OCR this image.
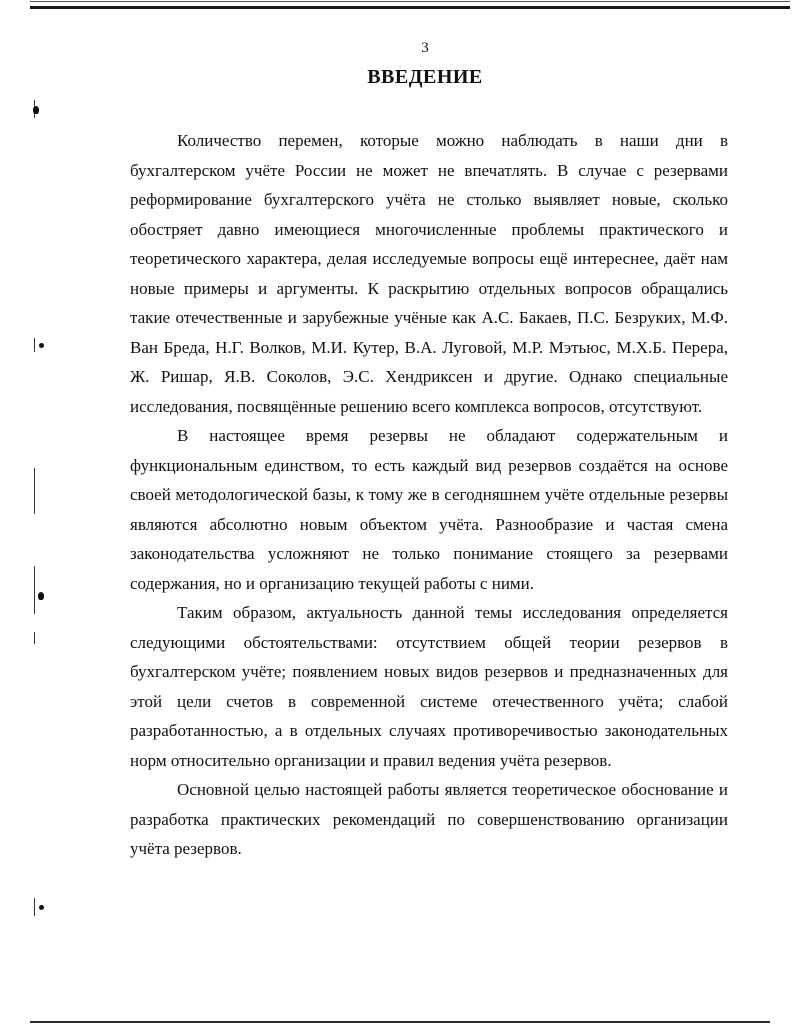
3
ВВЕДЕНИЕ

Количество перемен, которые можно наблюдать в наши дни в бухгалтерском учёте России не может не впечатлять. В случае с резервами реформирование бухгалтерского учёта не столько выявляет новые, сколько обостряет давно имеющиеся многочисленные проблемы практического и теоретического характера, делая исследуемые вопросы ещё интереснее, даёт нам новые примеры и аргументы. К раскрытию отдельных вопросов обращались такие отечественные и зарубежные учёные как А.С. Бакаев, П.С. Безруких, М.Ф. Ван Бреда, Н.Г. Волков, М.И. Кутер, В.А. Луговой, М.Р. Мэтьюс, М.Х.Б. Перера, Ж. Ришар, Я.В. Соколов, Э.С. Хендриксен и другие. Однако специальные исследования, посвящённые решению всего комплекса вопросов, отсутствуют.

В настоящее время резервы не обладают содержательным и функциональным единством, то есть каждый вид резервов создаётся на основе своей методологической базы, к тому же в сегодняшнем учёте отдельные резервы являются абсолютно новым объектом учёта. Разнообразие и частая смена законодательства усложняют не только понимание стоящего за резервами содержания, но и организацию текущей работы с ними.

Таким образом, актуальность данной темы исследования определяется следующими обстоятельствами: отсутствием общей теории резервов в бухгалтерском учёте; появлением новых видов резервов и предназначенных для этой цели счетов в современной системе отечественного учёта; слабой разработанностью, а в отдельных случаях противоречивостью законодательных норм относительно организации и правил ведения учёта резервов.

Основной целью настоящей работы является теоретическое обоснование и разработка практических рекомендаций по совершенствованию организации учёта резервов.
